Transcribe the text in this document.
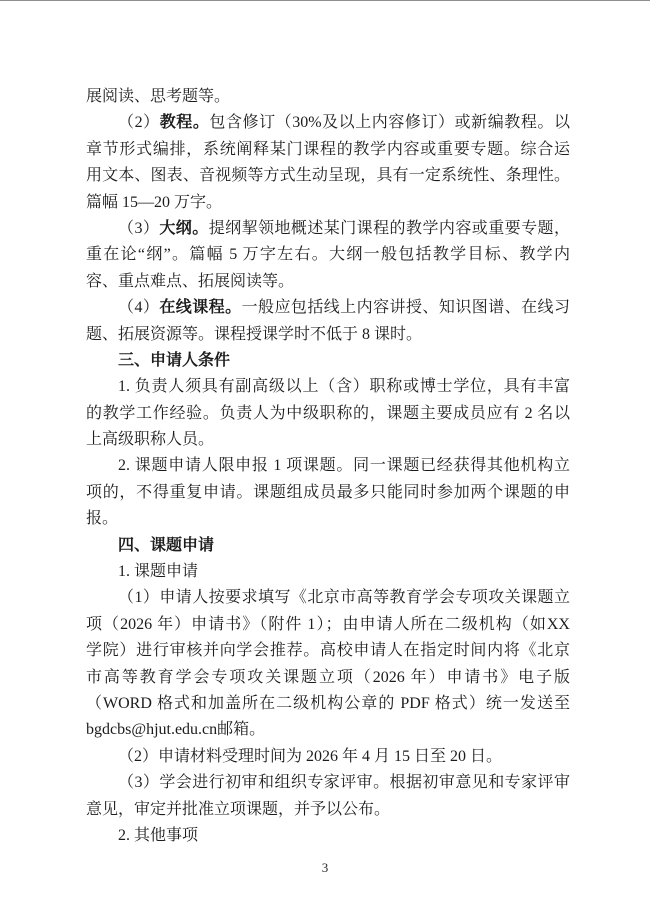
展阅读、思考题等。
（2）教程。包含修订（30%及以上内容修订）或新编教程。以
章节形式编排，系统阐释某门课程的教学内容或重要专题。综合运
用文本、图表、音视频等方式生动呈现，具有一定系统性、条理性。
篇幅 15—20 万字。
（3）大纲。提纲挈领地概述某门课程的教学内容或重要专题，
重在论“纲”。篇幅 5 万字左右。大纲一般包括教学目标、教学内
容、重点难点、拓展阅读等。
（4）在线课程。一般应包括线上内容讲授、知识图谱、在线习
题、拓展资源等。课程授课学时不低于 8 课时。
三、申请人条件
1. 负责人须具有副高级以上（含）职称或博士学位，具有丰富
的教学工作经验。负责人为中级职称的，课题主要成员应有 2 名以
上高级职称人员。
2. 课题申请人限申报 1 项课题。同一课题已经获得其他机构立
项的，不得重复申请。课题组成员最多只能同时参加两个课题的申
报。
四、课题申请
1. 课题申请
（1）申请人按要求填写《北京市高等教育学会专项攻关课题立
项（2026 年）申请书》（附件 1）；由申请人所在二级机构（如XX
学院）进行审核并向学会推荐。高校申请人在指定时间内将《北京
市高等教育学会专项攻关课题立项（2026 年）申请书》电子版
（WORD 格式和加盖所在二级机构公章的 PDF 格式）统一发送至
bgdcbs@hjut.edu.cn邮箱。
（2）申请材料受理时间为 2026 年 4 月 15 日至 20 日。
（3）学会进行初审和组织专家评审。根据初审意见和专家评审
意见，审定并批准立项课题，并予以公布。
2. 其他事项
3
